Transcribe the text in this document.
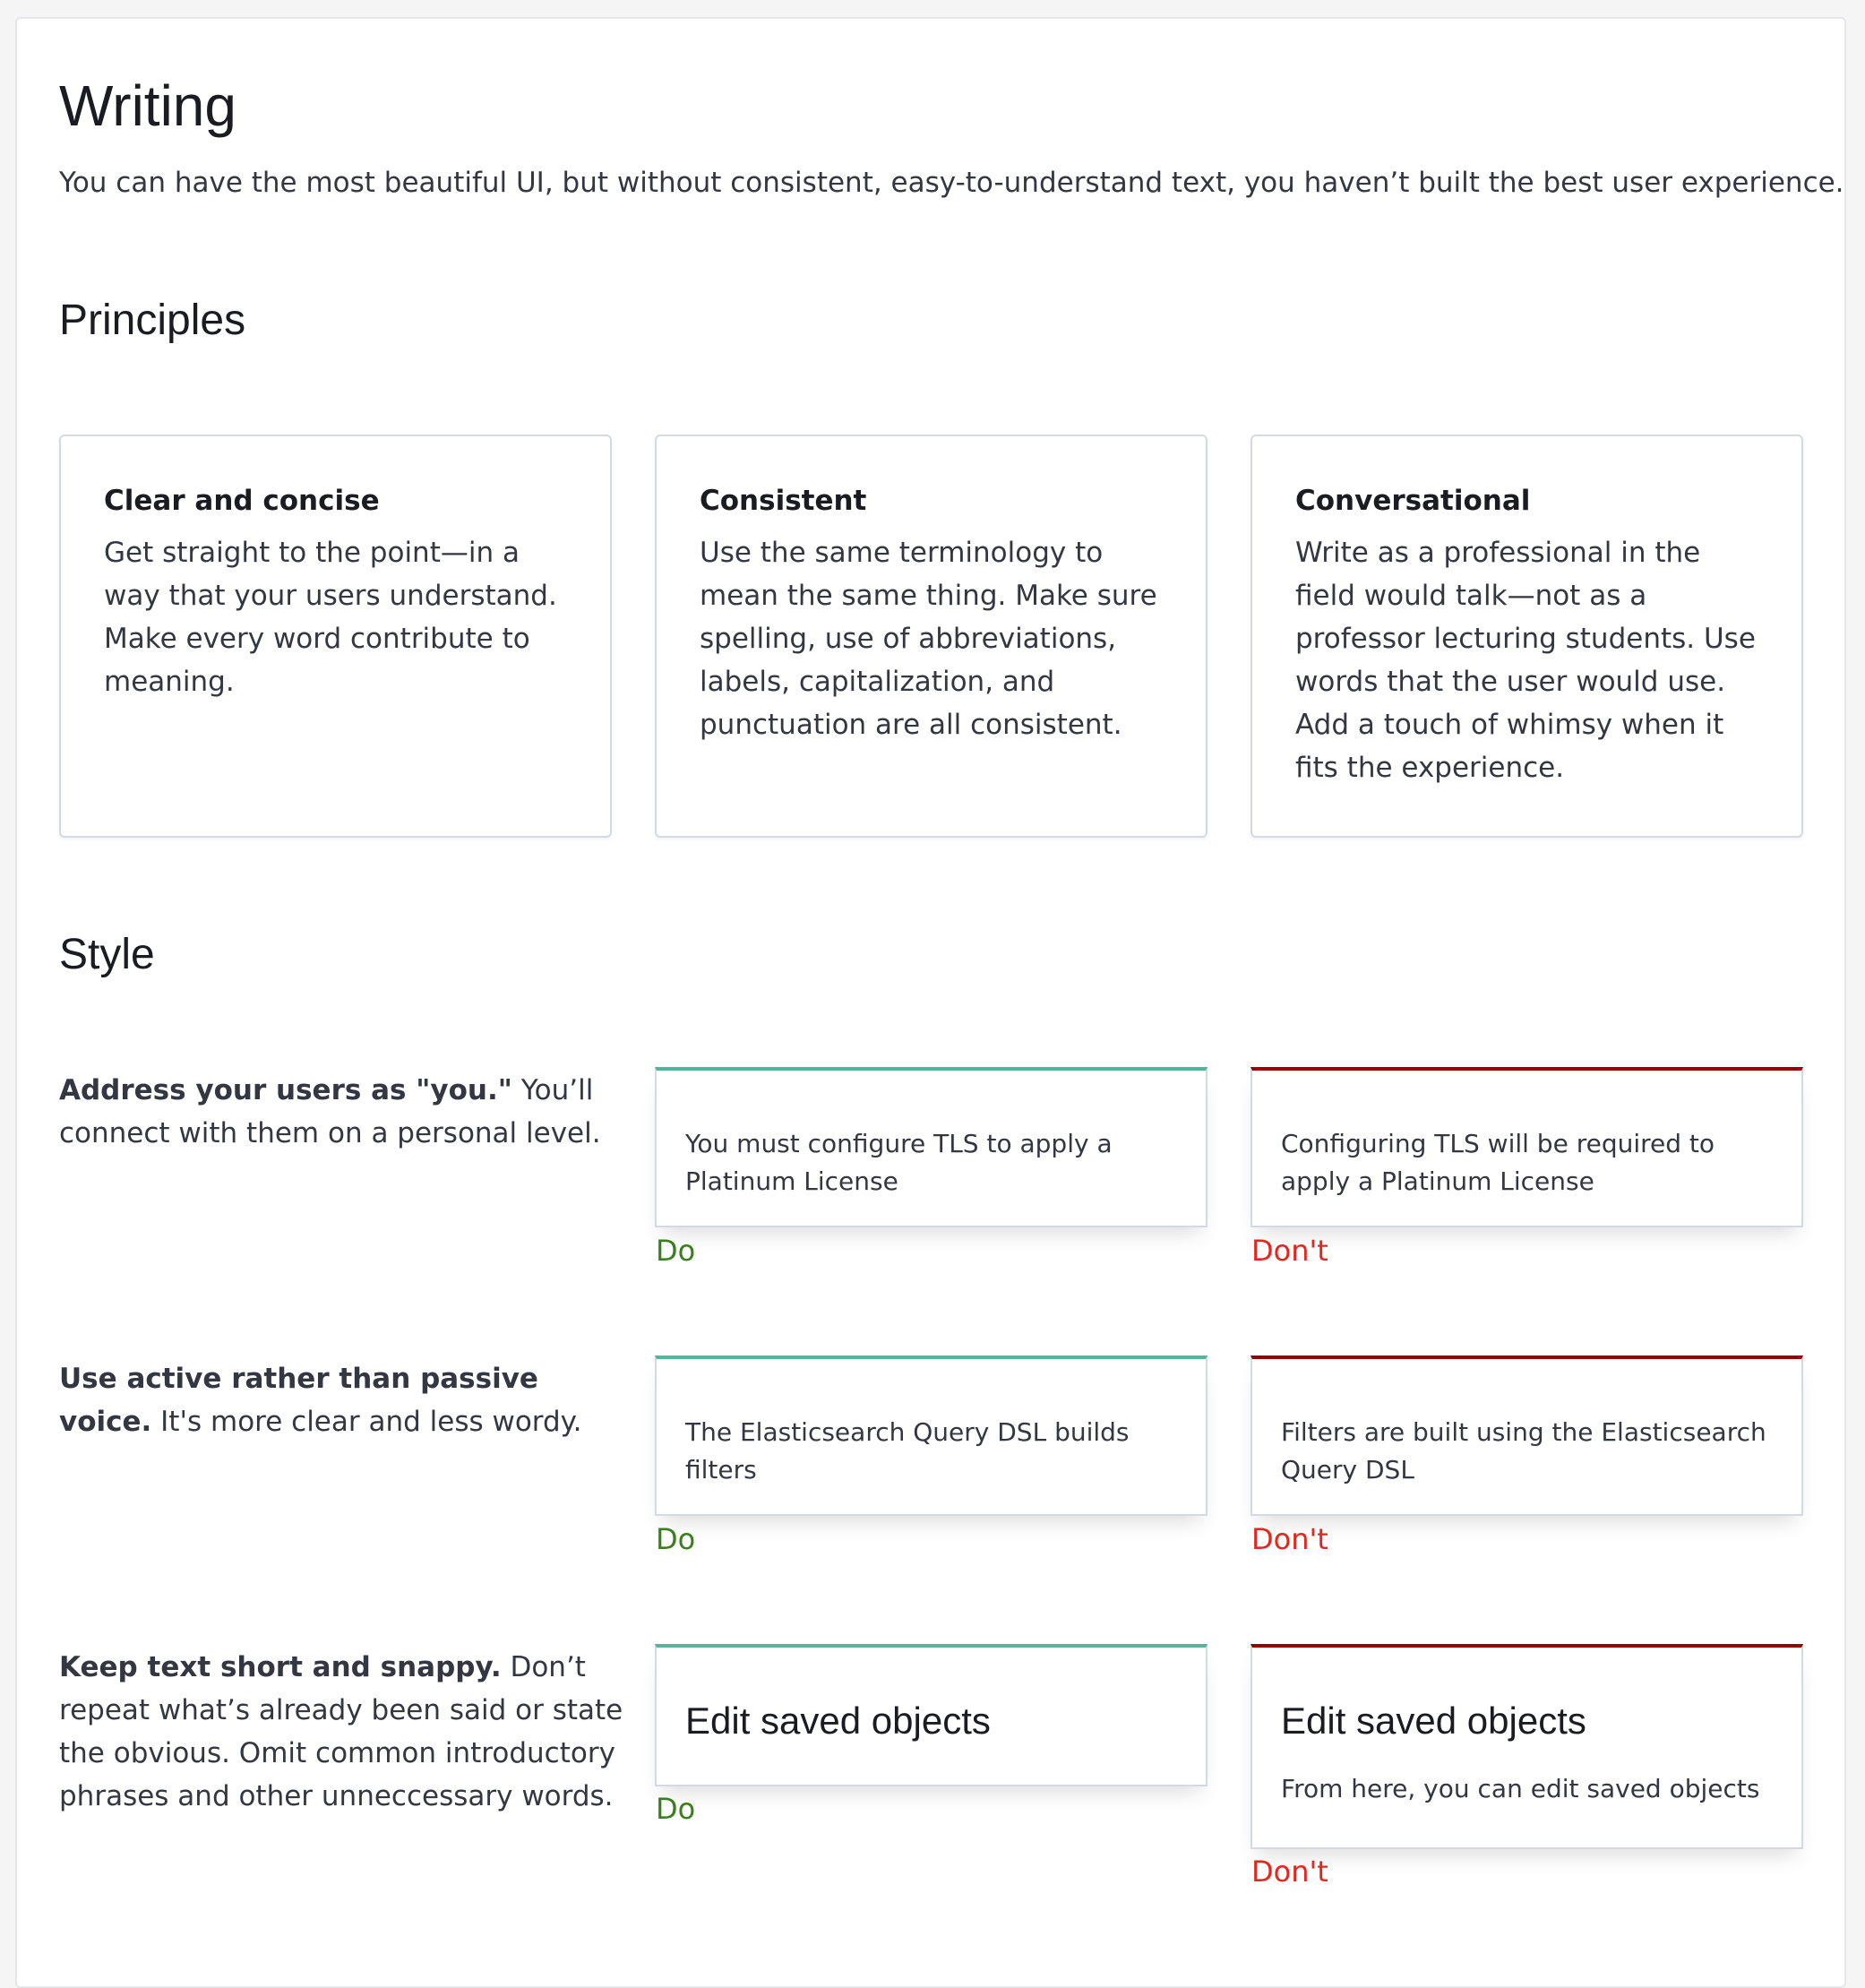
Writing

You can have the most beautiful UI, but without consistent, easy-to-understand text, you haven’t built the best user experience.

Principles
Clear and concise

Get straight to the point—in a way that your users understand. Make every word contribute to meaning.

Consistent

Use the same terminology to mean the same thing. Make sure spelling, use of abbreviations, labels, capitalization, and punctuation are all consistent.

Conversational

Write as a professional in the field would talk—not as a professor lecturing students. Use words that the user would use. Add a touch of whimsy when it fits the experience.

Style

Address your users as "you." You’ll connect with them on a personal level.	You must configure TLS to apply a Platinum License

Do

Configuring TLS will be required to apply a Platinum License

Don't

Use active rather than passive voice. It's more clear and less wordy.	The Elasticsearch Query DSL builds filters

Do

Filters are built using the Elasticsearch Query DSL

Don't

Keep text short and snappy. Don’t repeat what’s already been said or state the obvious. Omit common introductory phrases and other unneccessary words.

Edit saved objects

Do

Edit saved objects

From here, you can edit saved objects

Don't
